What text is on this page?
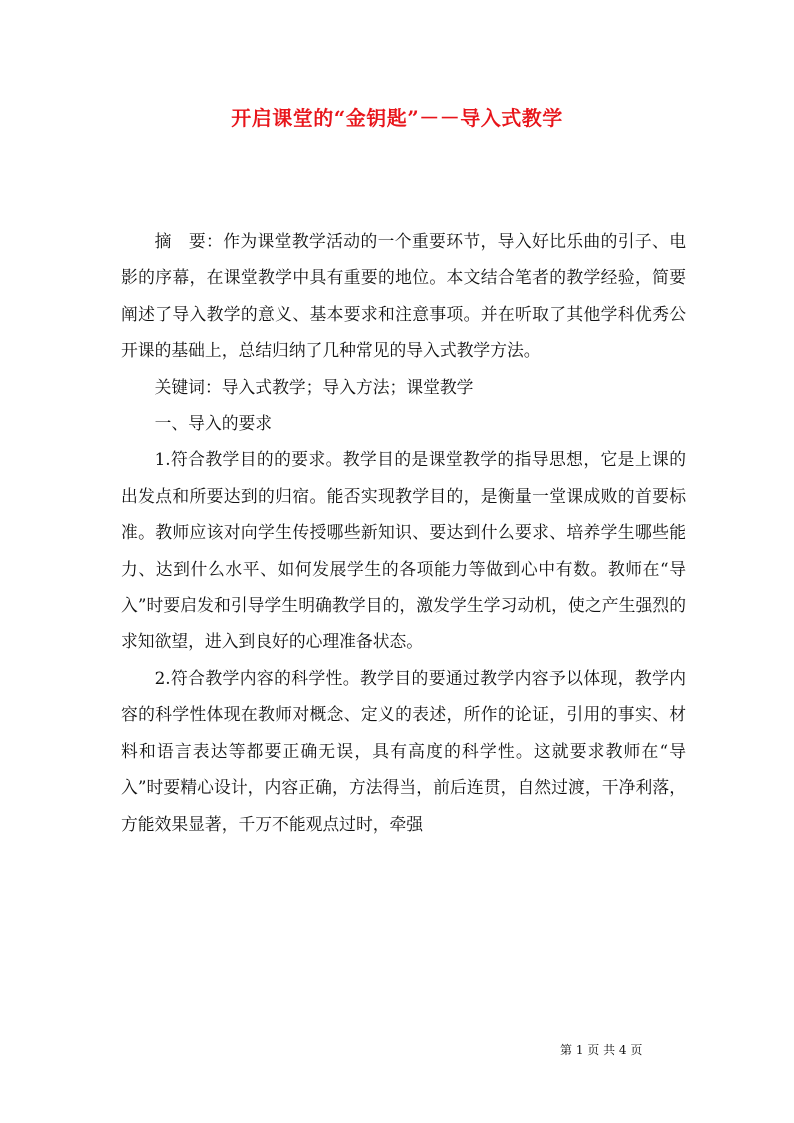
开启课堂的“金钥匙”－－导入式教学

摘　要：作为课堂教学活动的一个重要环节，导入好比乐曲的引子、电影的序幕，在课堂教学中具有重要的地位。本文结合笔者的教学经验，简要阐述了导入教学的意义、基本要求和注意事项。并在听取了其他学科优秀公开课的基础上，总结归纳了几种常见的导入式教学方法。

关键词：导入式教学；导入方法；课堂教学

一、导入的要求

1.符合教学目的的要求。教学目的是课堂教学的指导思想，它是上课的出发点和所要达到的归宿。能否实现教学目的，是衡量一堂课成败的首要标准。教师应该对向学生传授哪些新知识、要达到什么要求、培养学生哪些能力、达到什么水平、如何发展学生的各项能力等做到心中有数。教师在“导入”时要启发和引导学生明确教学目的，激发学生学习动机，使之产生强烈的求知欲望，进入到良好的心理准备状态。

2.符合教学内容的科学性。教学目的要通过教学内容予以体现，教学内容的科学性体现在教师对概念、定义的表述，所作的论证，引用的事实、材料和语言表达等都要正确无误，具有高度的科学性。这就要求教师在“导入”时要精心设计，内容正确，方法得当，前后连贯，自然过渡，干净利落，方能效果显著，千万不能观点过时，牵强

第 1 页 共 4 页
